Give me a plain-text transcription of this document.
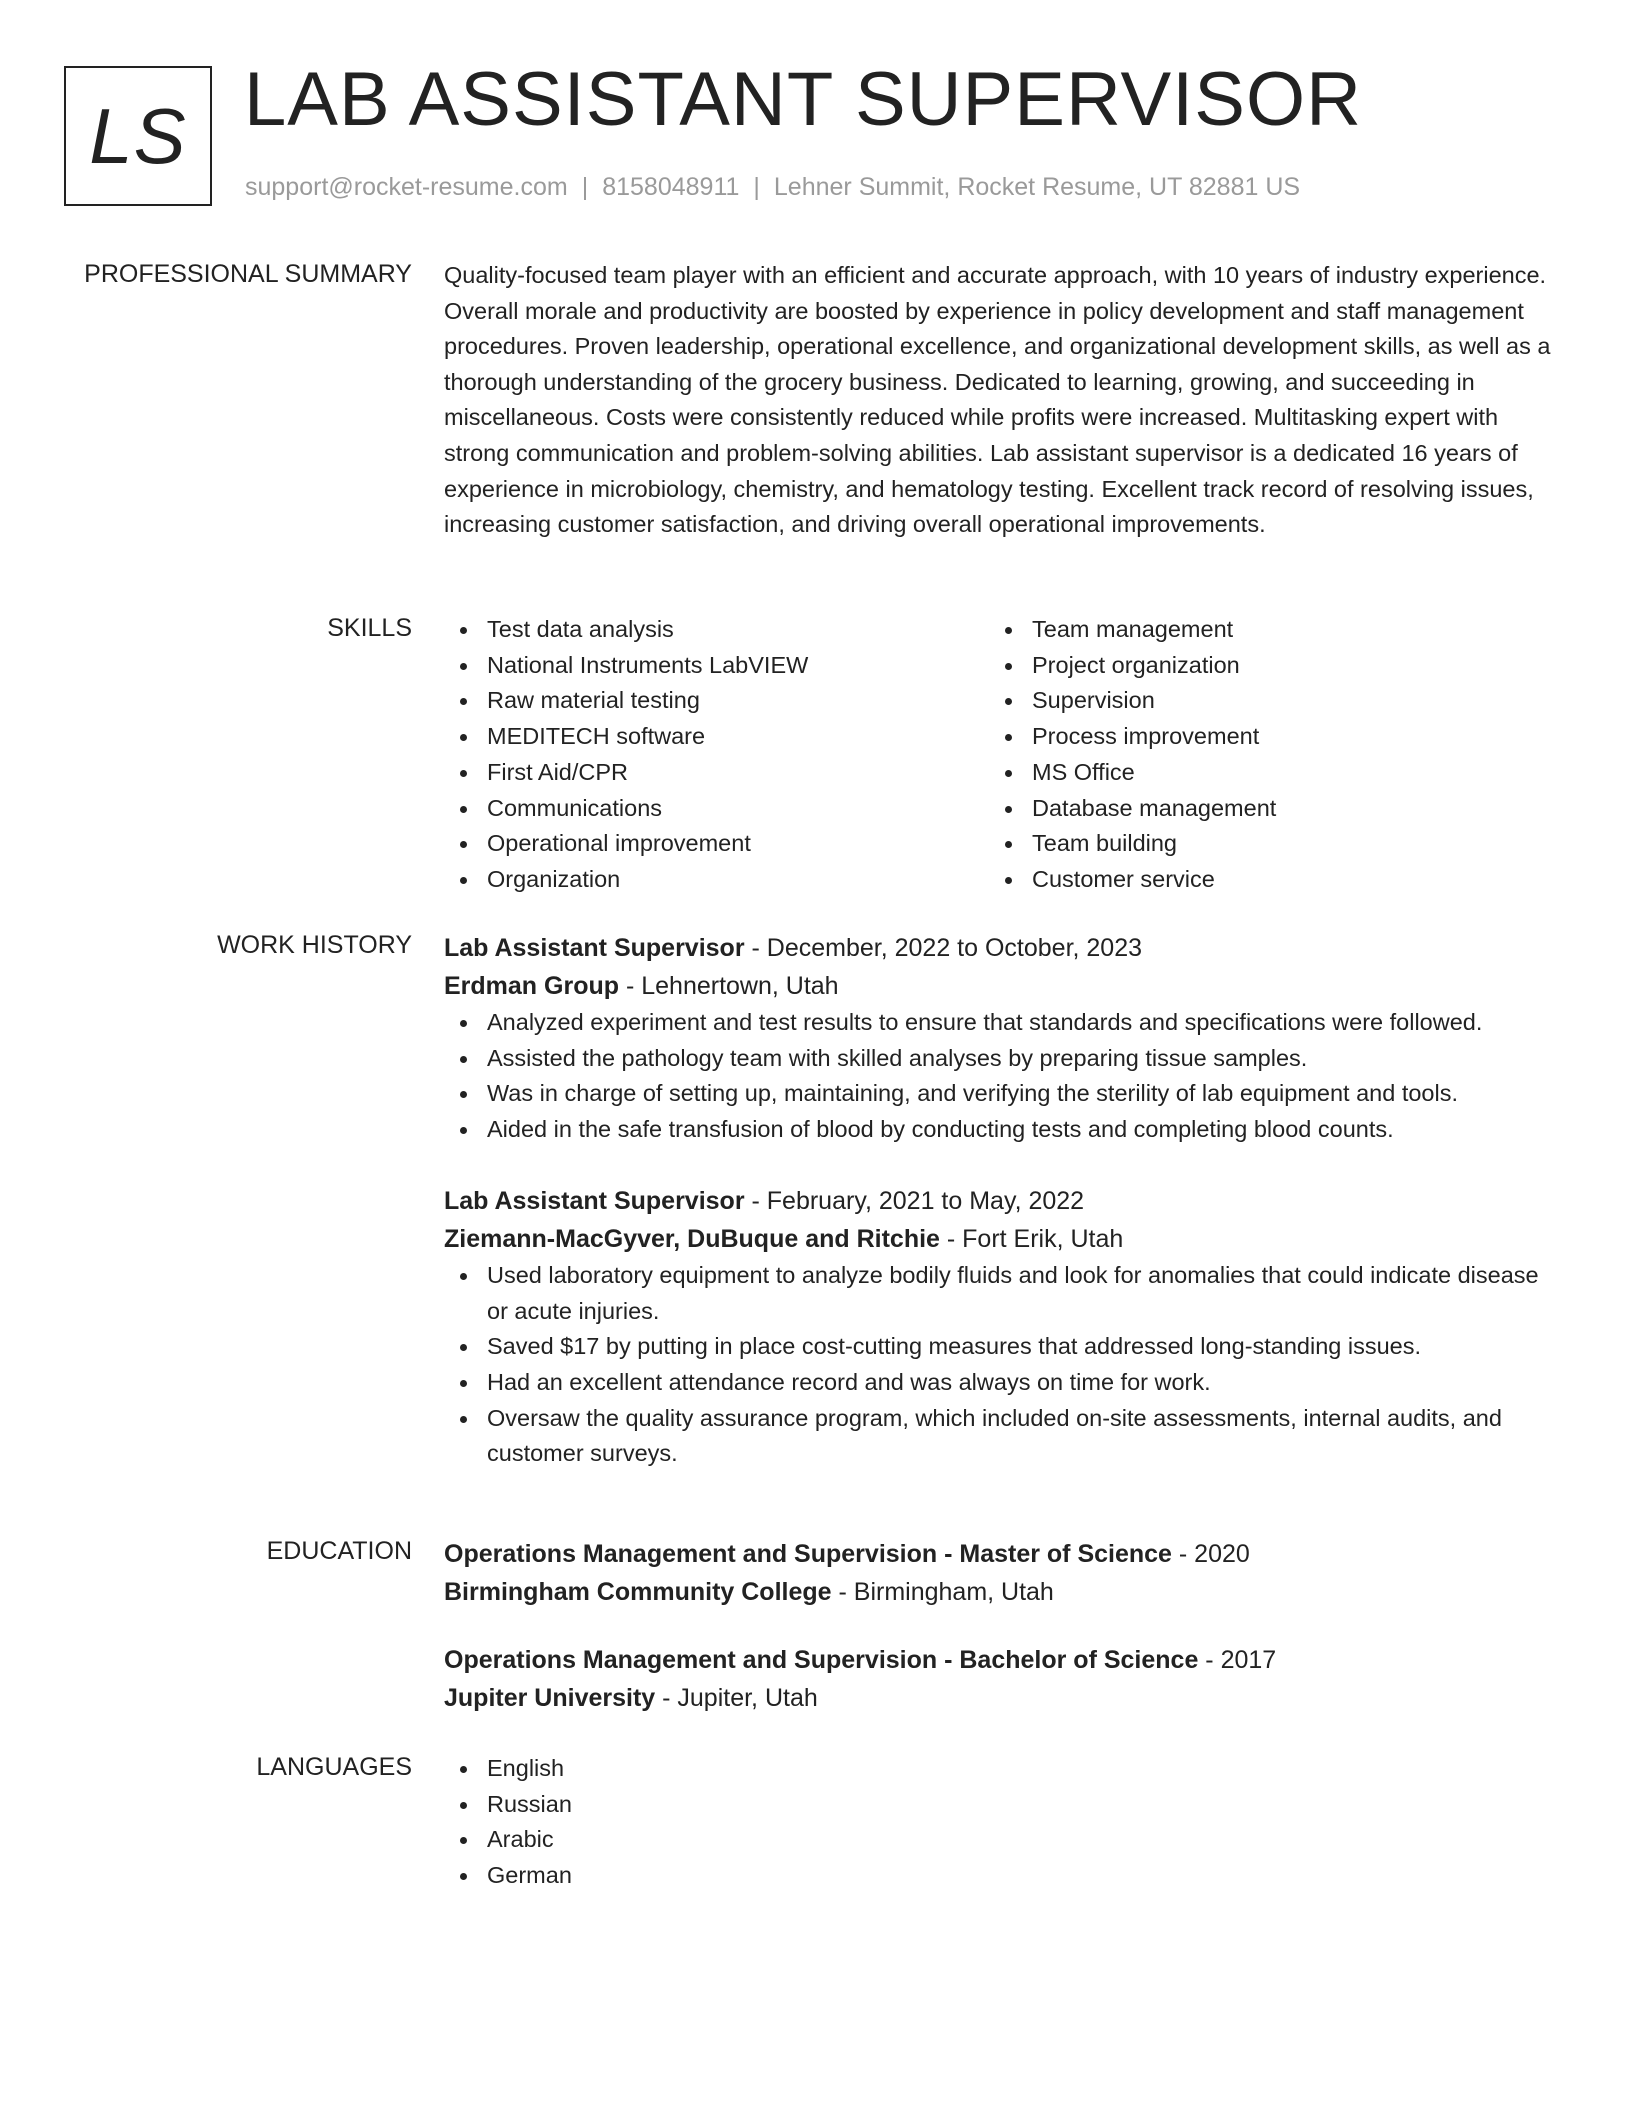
LS LAB ASSISTANT SUPERVISOR
support@rocket-resume.com | 8158048911 | Lehner Summit, Rocket Resume, UT 82881 US
PROFESSIONAL SUMMARY Quality-focused team player with an efficient and accurate approach, with 10 years of industry experience. Overall morale and productivity are boosted by experience in policy development and staff management procedures. Proven leadership, operational excellence, and organizational development skills, as well as a thorough understanding of the grocery business. Dedicated to learning, growing, and succeeding in miscellaneous. Costs were consistently reduced while profits were increased. Multitasking expert with strong communication and problem-solving abilities. Lab assistant supervisor is a dedicated 16 years of experience in microbiology, chemistry, and hematology testing. Excellent track record of resolving issues, increasing customer satisfaction, and driving overall operational improvements.

SKILLS	Test data analysis
National Instruments LabVIEW
Raw material testing
MEDITECH software
First Aid/CPR
Communications
Operational improvement
Organization
Team management
Project organization
Supervision
Process improvement
MS Office
Database management
Team building
Customer service
WORK HISTORY Lab Assistant Supervisor - December, 2022 to October, 2023
Erdman Group - Lehnertown, Utah
Analyzed experiment and test results to ensure that standards and specifications were followed.
Assisted the pathology team with skilled analyses by preparing tissue samples.
Was in charge of setting up, maintaining, and verifying the sterility of lab equipment and tools.
Aided in the safe transfusion of blood by conducting tests and completing blood counts.
Lab Assistant Supervisor - February, 2021 to May, 2022
Ziemann-MacGyver, DuBuque and Ritchie - Fort Erik, Utah
Used laboratory equipment to analyze bodily fluids and look for anomalies that could indicate disease or acute injuries.
Saved $17 by putting in place cost-cutting measures that addressed long-standing issues.
Had an excellent attendance record and was always on time for work.
Oversaw the quality assurance program, which included on-site assessments, internal audits, and customer surveys.
EDUCATION Operations Management and Supervision - Master of Science - 2020
Birmingham Community College - Birmingham, Utah
Operations Management and Supervision - Bachelor of Science - 2017
Jupiter University - Jupiter, Utah
LANGUAGES	English
Russian
Arabic
German
